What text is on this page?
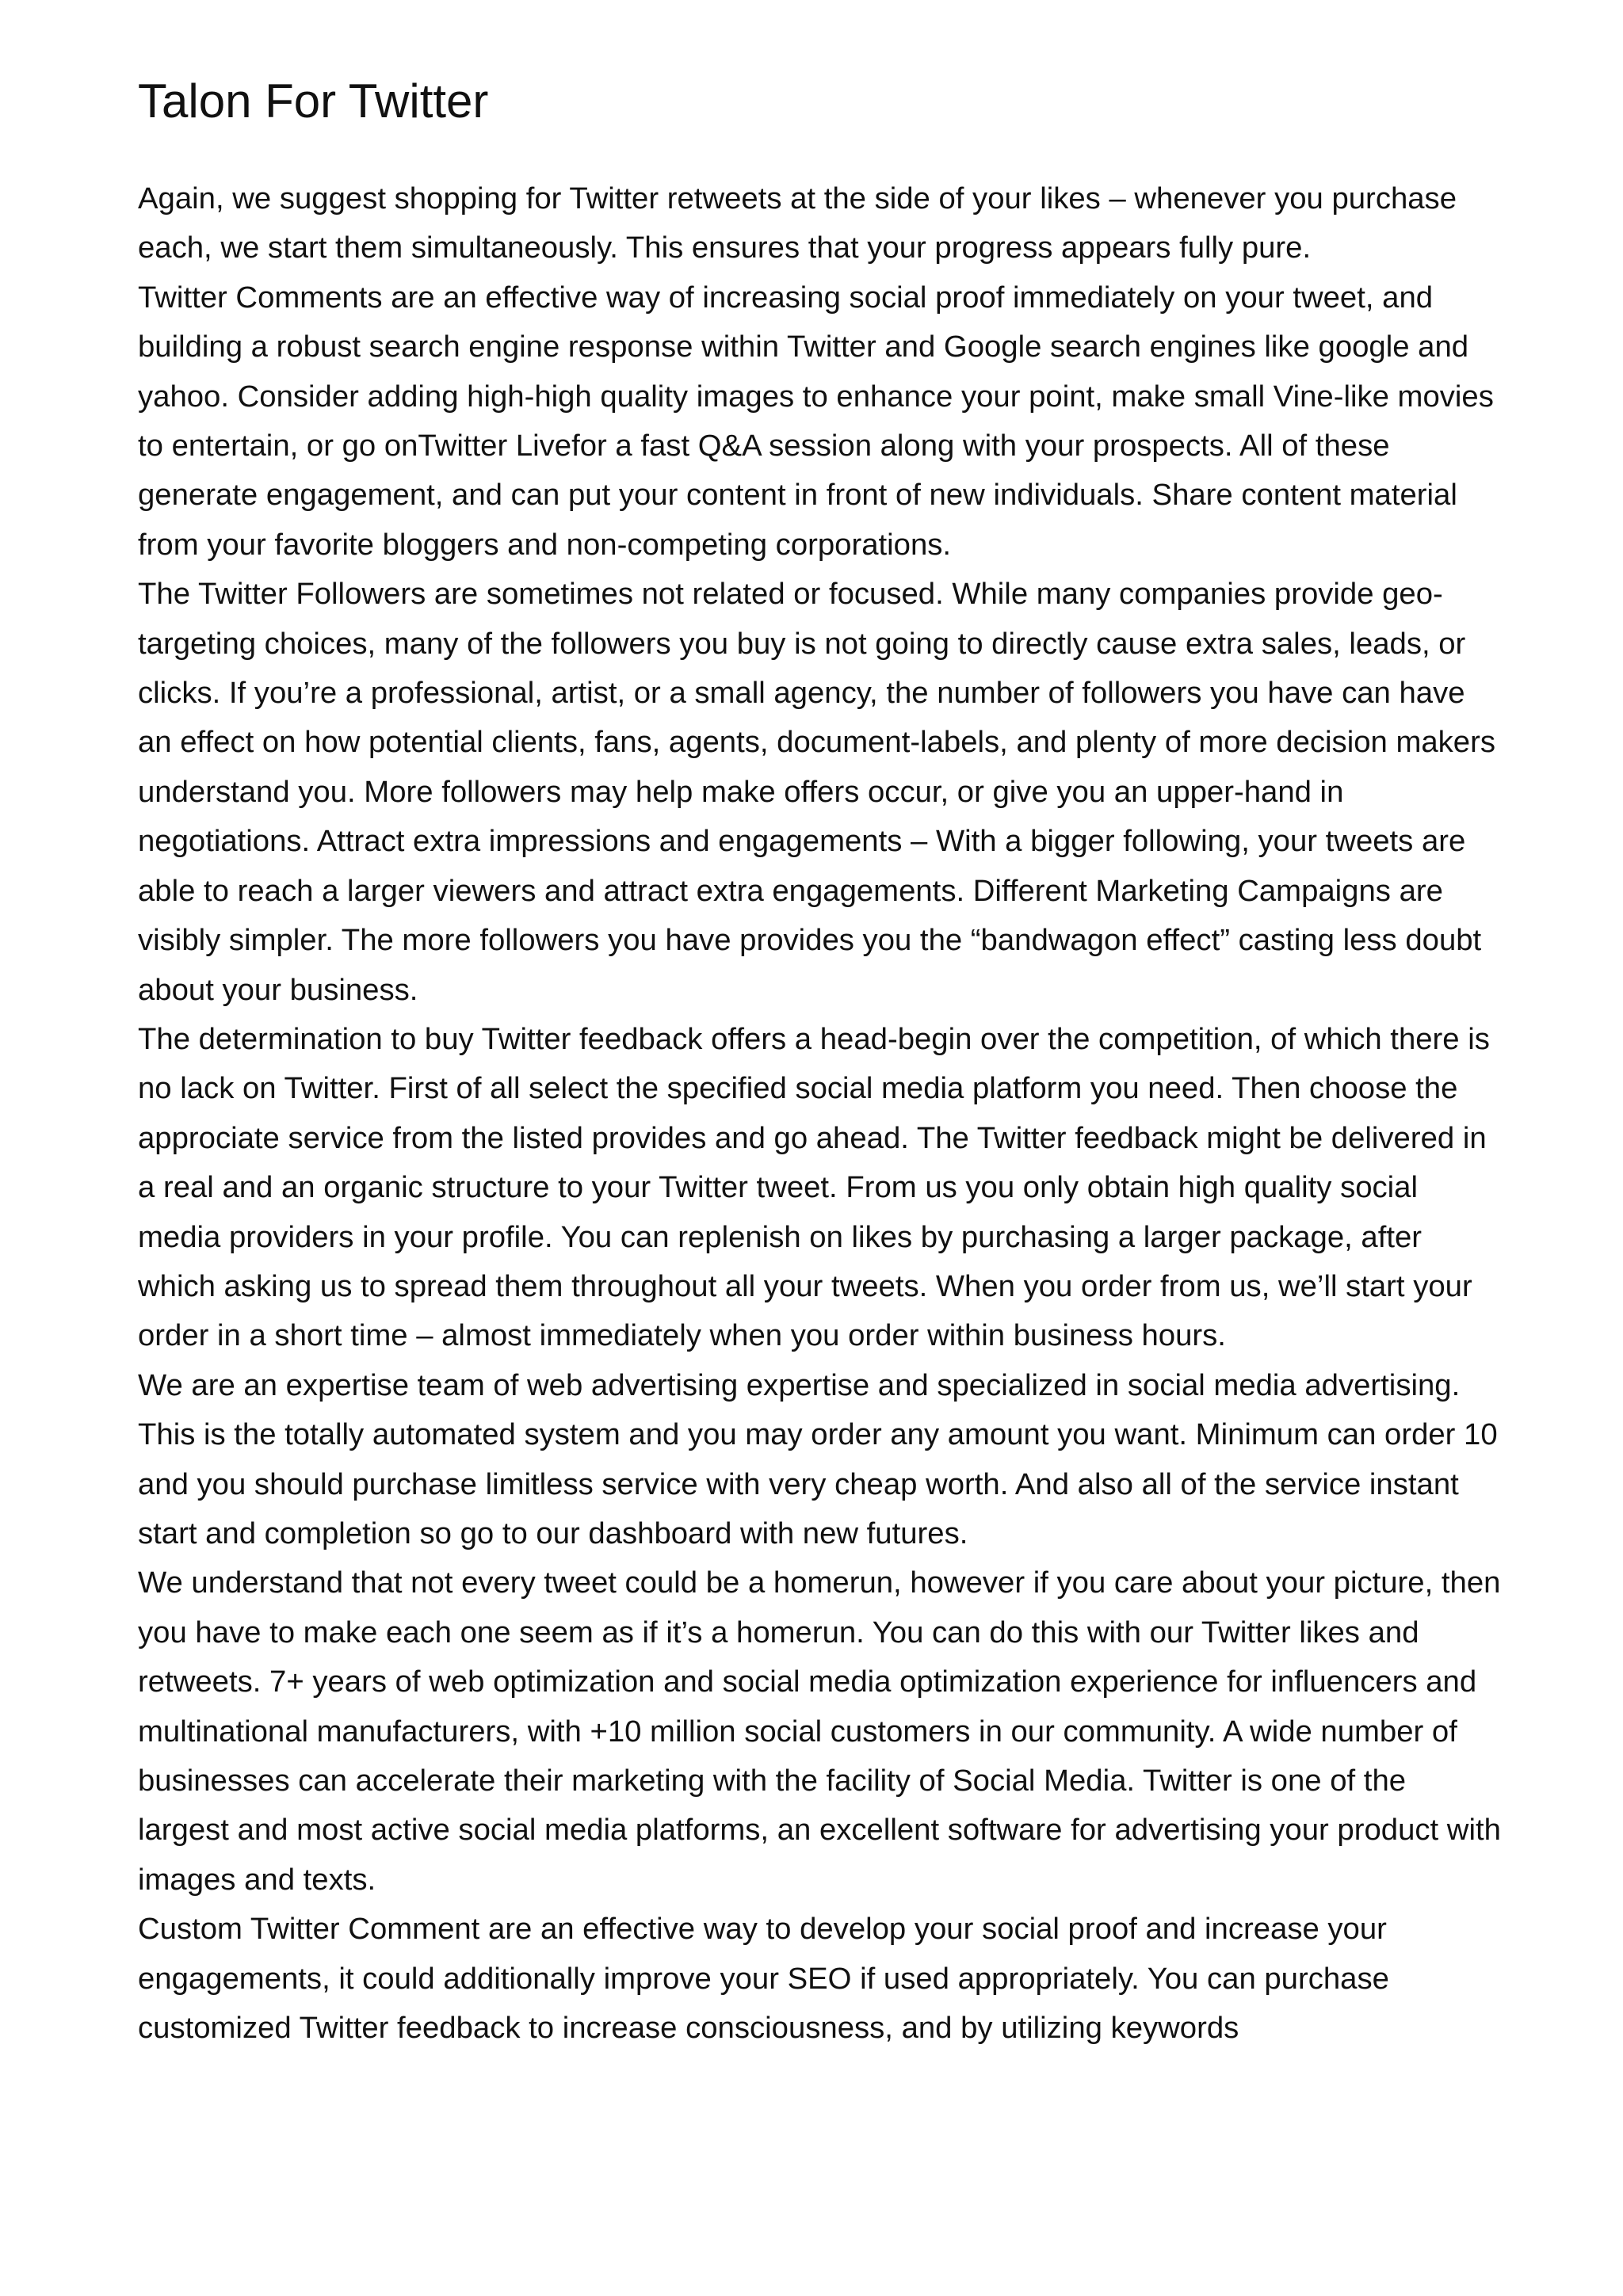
Talon For Twitter

Again, we suggest shopping for Twitter retweets at the side of your likes – whenever you purchase each, we start them simultaneously. This ensures that your progress appears fully pure.

Twitter Comments are an effective way of increasing social proof immediately on your tweet, and building a robust search engine response within Twitter and Google search engines like google and yahoo. Consider adding high-high quality images to enhance your point, make small Vine-like movies to entertain, or go onTwitter Livefor a fast Q&A session along with your prospects. All of these generate engagement, and can put your content in front of new individuals. Share content material from your favorite bloggers and non-competing corporations.

The Twitter Followers are sometimes not related or focused. While many companies provide geo-targeting choices, many of the followers you buy is not going to directly cause extra sales, leads, or clicks. If you’re a professional, artist, or a small agency, the number of followers you have can have an effect on how potential clients, fans, agents, document-labels, and plenty of more decision makers understand you. More followers may help make offers occur, or give you an upper-hand in negotiations. Attract extra impressions and engagements – With a bigger following, your tweets are able to reach a larger viewers and attract extra engagements. Different Marketing Campaigns are visibly simpler. The more followers you have provides you the “bandwagon effect” casting less doubt about your business.

The determination to buy Twitter feedback offers a head-begin over the competition, of which there is no lack on Twitter. First of all select the specified social media platform you need. Then choose the approciate service from the listed provides and go ahead. The Twitter feedback might be delivered in a real and an organic structure to your Twitter tweet. From us you only obtain high quality social media providers in your profile. You can replenish on likes by purchasing a larger package, after which asking us to spread them throughout all your tweets. When you order from us, we’ll start your order in a short time – almost immediately when you order within business hours.

We are an expertise team of web advertising expertise and specialized in social media advertising. This is the totally automated system and you may order any amount you want. Minimum can order 10 and you should purchase limitless service with very cheap worth. And also all of the service instant start and completion so go to our dashboard with new futures.

We understand that not every tweet could be a homerun, however if you care about your picture, then you have to make each one seem as if it’s a homerun. You can do this with our Twitter likes and retweets. 7+ years of web optimization and social media optimization experience for influencers and multinational manufacturers, with +10 million social customers in our community. A wide number of businesses can accelerate their marketing with the facility of Social Media. Twitter is one of the largest and most active social media platforms, an excellent software for advertising your product with images and texts.

Custom Twitter Comment are an effective way to develop your social proof and increase your engagements, it could additionally improve your SEO if used appropriately. You can purchase customized Twitter feedback to increase consciousness, and by utilizing keywords
